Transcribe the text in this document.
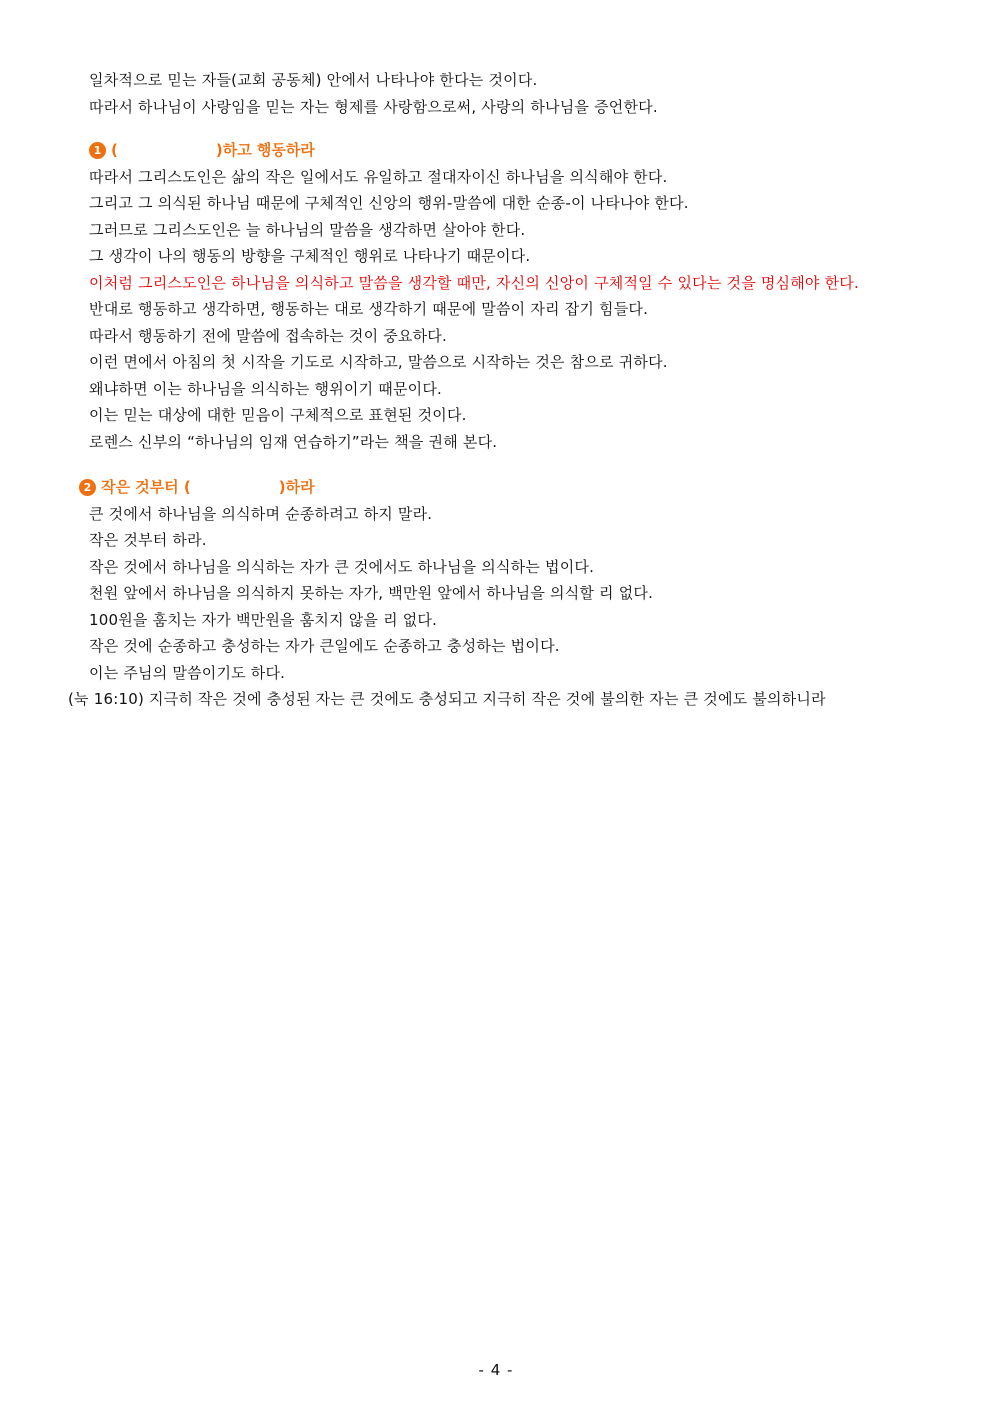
일차적으로 믿는 자들(교회 공동체) 안에서 나타나야 한다는 것이다.
따라서 하나님이 사랑임을 믿는 자는 형제를 사랑함으로써, 사랑의 하나님을 증언한다.
1 (	)하고 행동하라
따라서 그리스도인은 삶의 작은 일에서도 유일하고 절대자이신 하나님을 의식해야 한다.
그리고 그 의식된 하나님 때문에 구체적인 신앙의 행위-말씀에 대한 순종-이 나타나야 한다.
그러므로 그리스도인은 늘 하나님의 말씀을 생각하면 살아야 한다.
그 생각이 나의 행동의 방향을 구체적인 행위로 나타나기 때문이다.
이처럼 그리스도인은 하나님을 의식하고 말씀을 생각할 때만, 자신의 신앙이 구체적일 수 있다는 것을 명심해야 한다.
반대로 행동하고 생각하면, 행동하는 대로 생각하기 때문에 말씀이 자리 잡기 힘들다.
따라서 행동하기 전에 말씀에 접속하는 것이 중요하다.
이런 면에서 아침의 첫 시작을 기도로 시작하고, 말씀으로 시작하는 것은 참으로 귀하다.
왜냐하면 이는 하나님을 의식하는 행위이기 때문이다.
이는 믿는 대상에 대한 믿음이 구체적으로 표현된 것이다.
로렌스 신부의 “하나님의 임재 연습하기”라는 책을 권해 본다.
2 작은 것부터 (	)하라
큰 것에서 하나님을 의식하며 순종하려고 하지 말라.
작은 것부터 하라.
작은 것에서 하나님을 의식하는 자가 큰 것에서도 하나님을 의식하는 법이다.
천원 앞에서 하나님을 의식하지 못하는 자가, 백만원 앞에서 하나님을 의식할 리 없다.
100원을 훔치는 자가 백만원을 훔치지 않을 리 없다.
작은 것에 순종하고 충성하는 자가 큰일에도 순종하고 충성하는 법이다.
이는 주님의 말씀이기도 하다.
(눅 16:10) 지극히 작은 것에 충성된 자는 큰 것에도 충성되고 지극히 작은 것에 불의한 자는 큰 것에도 불의하니라
- 4 -
